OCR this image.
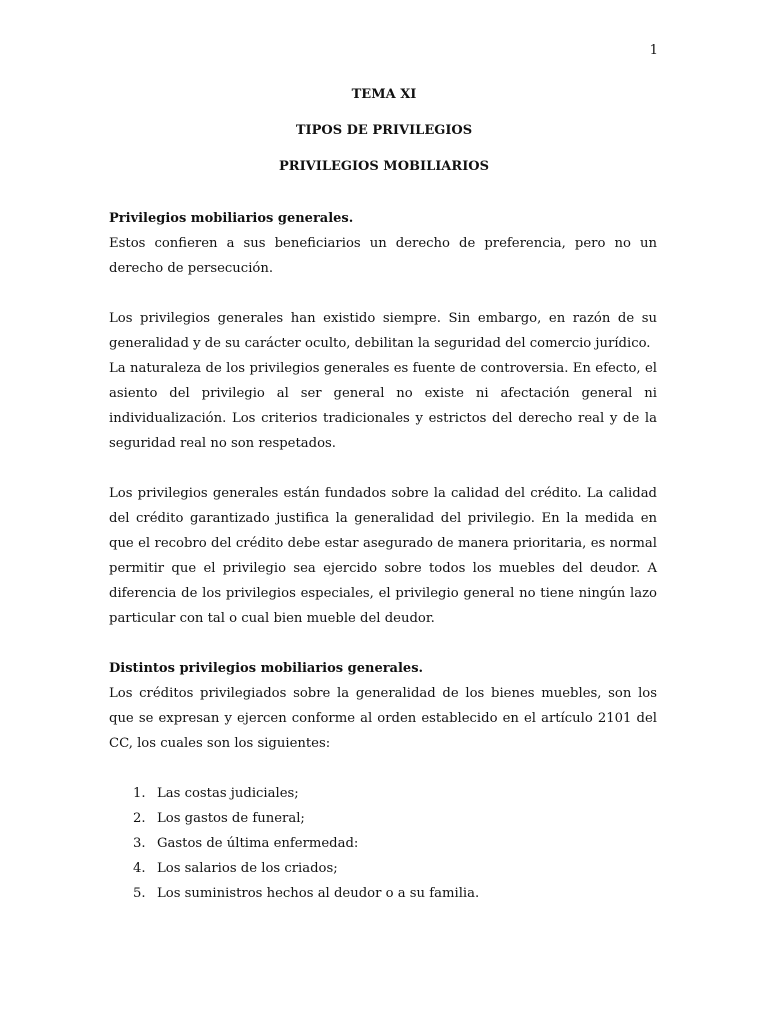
1
TEMA XI
TIPOS DE PRIVILEGIOS
PRIVILEGIOS MOBILIARIOS
Privilegios mobiliarios generales.

Estos confieren a sus beneficiarios un derecho de preferencia, pero no un derecho de persecución.

Los privilegios generales han existido siempre. Sin embargo, en razón de su generalidad y de su carácter oculto, debilitan la seguridad del comercio jurídico.

La naturaleza de los privilegios generales es fuente de controversia. En efecto, el asiento del privilegio al ser general no existe ni afectación general ni individualización. Los criterios tradicionales y estrictos del derecho real y de la seguridad real no son respetados.

Los privilegios generales están fundados sobre la calidad del crédito. La calidad del crédito garantizado justifica la generalidad del privilegio. En la medida en que el recobro del crédito debe estar asegurado de manera prioritaria, es normal permitir que el privilegio sea ejercido sobre todos los muebles del deudor. A diferencia de los privilegios especiales, el privilegio general no tiene ningún lazo particular con tal o cual bien mueble del deudor.

Distintos privilegios mobiliarios generales.

Los créditos privilegiados sobre la generalidad de los bienes muebles, son los que se expresan y ejercen conforme al orden establecido en el artículo 2101 del CC, los cuales son los siguientes:

1. Las costas judiciales;
2. Los gastos de funeral;
3. Gastos de última enfermedad:
4. Los salarios de los criados;
5. Los suministros hechos al deudor o a su familia.
